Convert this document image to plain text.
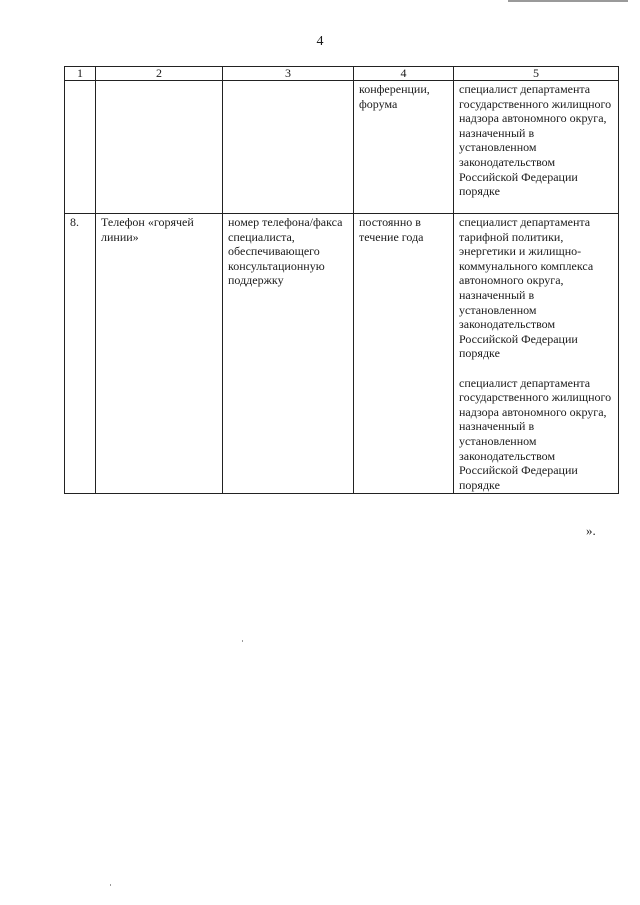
4
1	2	3	4	5
			конференции, форума	специалист департамента государственного жилищного надзора автономного округа, назначенный в установленном законодательством Российской Федерации порядке
8.	Телефон «горячей линии»	номер телефона/факса специалиста, обеспечивающего консультационную поддержку	постоянно в течение года	специалист департамента тарифной политики, энергетики и жилищно-коммунального комплекса автономного округа, назначенный в установленном законодательством Российской Федерации порядке
специалист департамента государственного жилищного надзора автономного округа, назначенный в установленном законодательством Российской Федерации порядке
».
